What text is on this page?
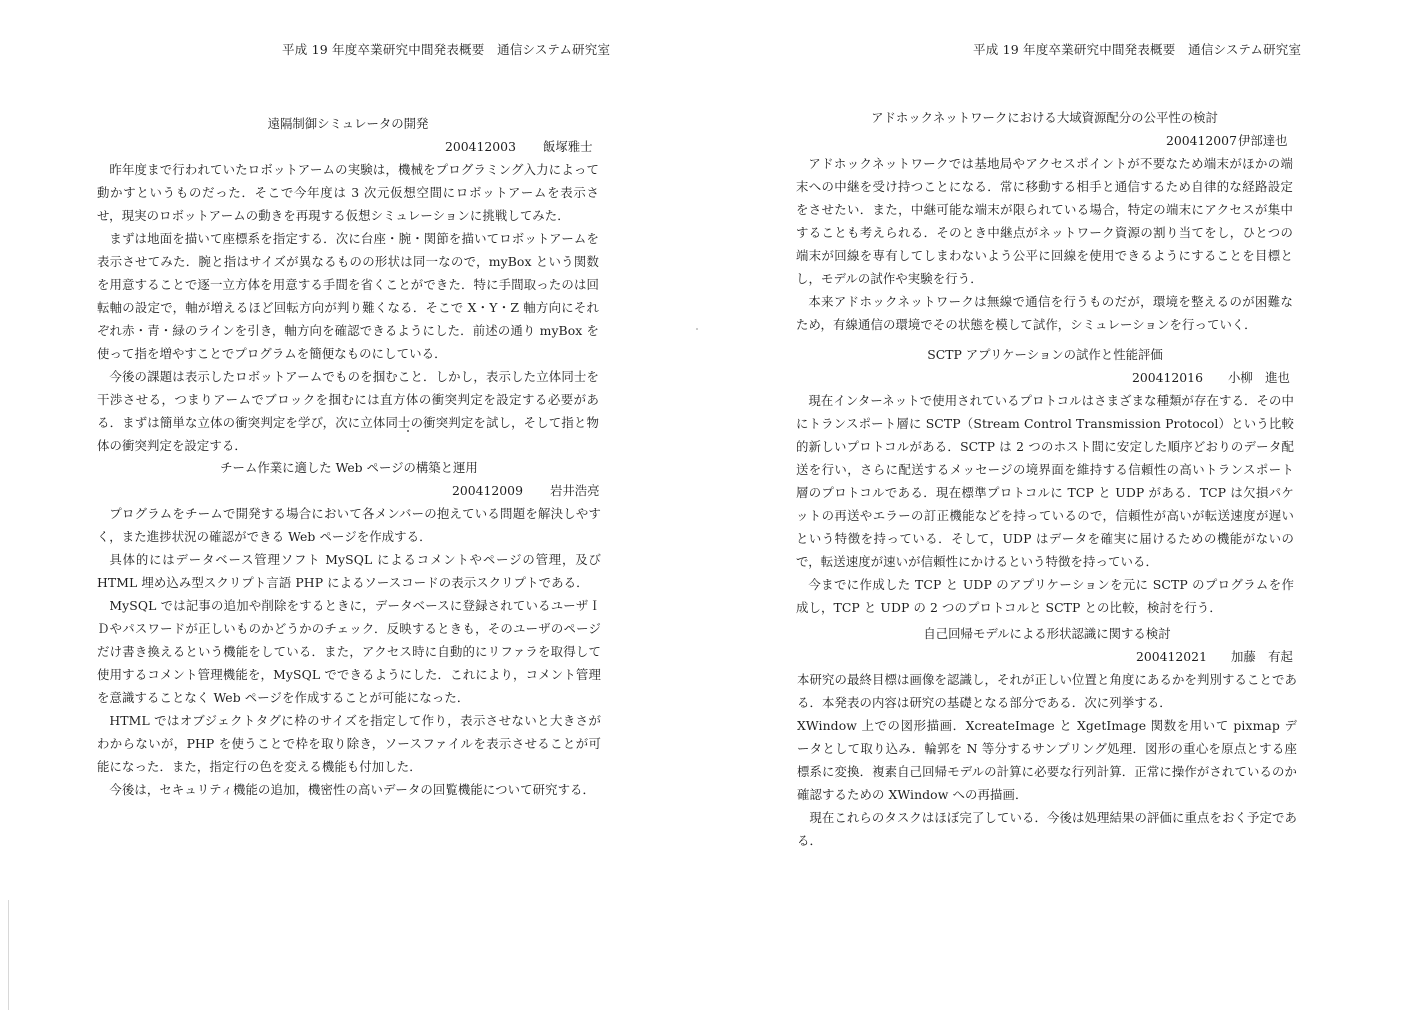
平成 19 年度卒業研究中間発表概要　通信システム研究室
遠隔制御シミュレータの開発
200412003 飯塚雅士
昨年度まで行われていたロボットアームの実験は，機械をプログラミング入力によって動かすというものだった．そこで今年度は 3 次元仮想空間にロボットアームを表示させ，現実のロボットアームの動きを再現する仮想シミュレーションに挑戦してみた．
まずは地面を描いて座標系を指定する．次に台座・腕・関節を描いてロボットアームを表示させてみた．腕と指はサイズが異なるものの形状は同一なので，myBox という関数を用意することで逐一立方体を用意する手間を省くことができた．特に手間取ったのは回転軸の設定で，軸が増えるほど回転方向が判り難くなる．そこで X・Y・Z 軸方向にそれぞれ赤・青・緑のラインを引き，軸方向を確認できるようにした．前述の通り myBox を使って指を増やすことでプログラムを簡便なものにしている．
今後の課題は表示したロボットアームでものを掴むこと．しかし，表示した立体同士を干渉させる，つまりアームでブロックを掴むには直方体の衝突判定を設定する必要がある．まずは簡単な立体の衝突判定を学び，次に立体同士の衝突判定を試し，そして指と物体の衝突判定を設定する．
チーム作業に適した Web ページの構築と運用
200412009 岩井浩亮
プログラムをチームで開発する場合において各メンバーの抱えている問題を解決しやすく，また進捗状況の確認ができる Web ページを作成する．
具体的にはデータベース管理ソフト MySQL によるコメントやページの管理，及び HTML 埋め込み型スクリプト言語 PHP によるソースコードの表示スクリプトである．
MySQL では記事の追加や削除をするときに，データベースに登録されているユーザＩＤやパスワードが正しいものかどうかのチェック．反映するときも，そのユーザのページだけ書き換えるという機能をしている．また，アクセス時に自動的にリファラを取得して使用するコメント管理機能を，MySQL でできるようにした．これにより，コメント管理を意識することなく Web ページを作成することが可能になった．
HTML ではオブジェクトタグに枠のサイズを指定して作り，表示させないと大きさがわからないが，PHP を使うことで枠を取り除き，ソースファイルを表示させることが可能になった．また，指定行の色を変える機能も付加した．
今後は，セキュリティ機能の追加，機密性の高いデータの回覧機能について研究する．
平成 19 年度卒業研究中間発表概要　通信システム研究室
アドホックネットワークにおける大域資源配分の公平性の検討
200412007 伊部達也
アドホックネットワークでは基地局やアクセスポイントが不要なため端末がほかの端末への中継を受け持つことになる．常に移動する相手と通信するため自律的な経路設定をさせたい．また，中継可能な端末が限られている場合，特定の端末にアクセスが集中することも考えられる．そのとき中継点がネットワーク資源の割り当てをし，ひとつの端末が回線を専有してしまわないよう公平に回線を使用できるようにすることを目標とし，モデルの試作や実験を行う．
本来アドホックネットワークは無線で通信を行うものだが，環境を整えるのが困難なため，有線通信の環境でその状態を模して試作，シミュレーションを行っていく．
SCTP アプリケーションの試作と性能評価
200412016 小柳　進也
現在インターネットで使用されているプロトコルはさまざまな種類が存在する．その中にトランスポート層に SCTP（Stream Control Transmission Protocol）という比較的新しいプロトコルがある．SCTP は 2 つのホスト間に安定した順序どおりのデータ配送を行い，さらに配送するメッセージの境界面を維持する信頼性の高いトランスポート層のプロトコルである．現在標準プロトコルに TCP と UDP がある．TCP は欠損パケットの再送やエラーの訂正機能などを持っているので，信頼性が高いが転送速度が遅いという特徴を持っている．そして，UDP はデータを確実に届けるための機能がないので，転送速度が速いが信頼性にかけるという特徴を持っている．
今までに作成した TCP と UDP のアプリケーションを元に SCTP のプログラムを作成し，TCP と UDP の 2 つのプロトコルと SCTP との比較，検討を行う．
自己回帰モデルによる形状認識に関する検討
200412021 加藤　有起
本研究の最終目標は画像を認識し，それが正しい位置と角度にあるかを判別することである．本発表の内容は研究の基礎となる部分である．次に列挙する．
XWindow 上での図形描画．XcreateImage と XgetImage 関数を用いて pixmap データとして取り込み．輪郭を N 等分するサンプリング処理．図形の重心を原点とする座標系に変換．複素自己回帰モデルの計算に必要な行列計算．正常に操作がされているのか確認するための XWindow への再描画．
現在これらのタスクはほぼ完了している．今後は処理結果の評価に重点をおく予定である．
